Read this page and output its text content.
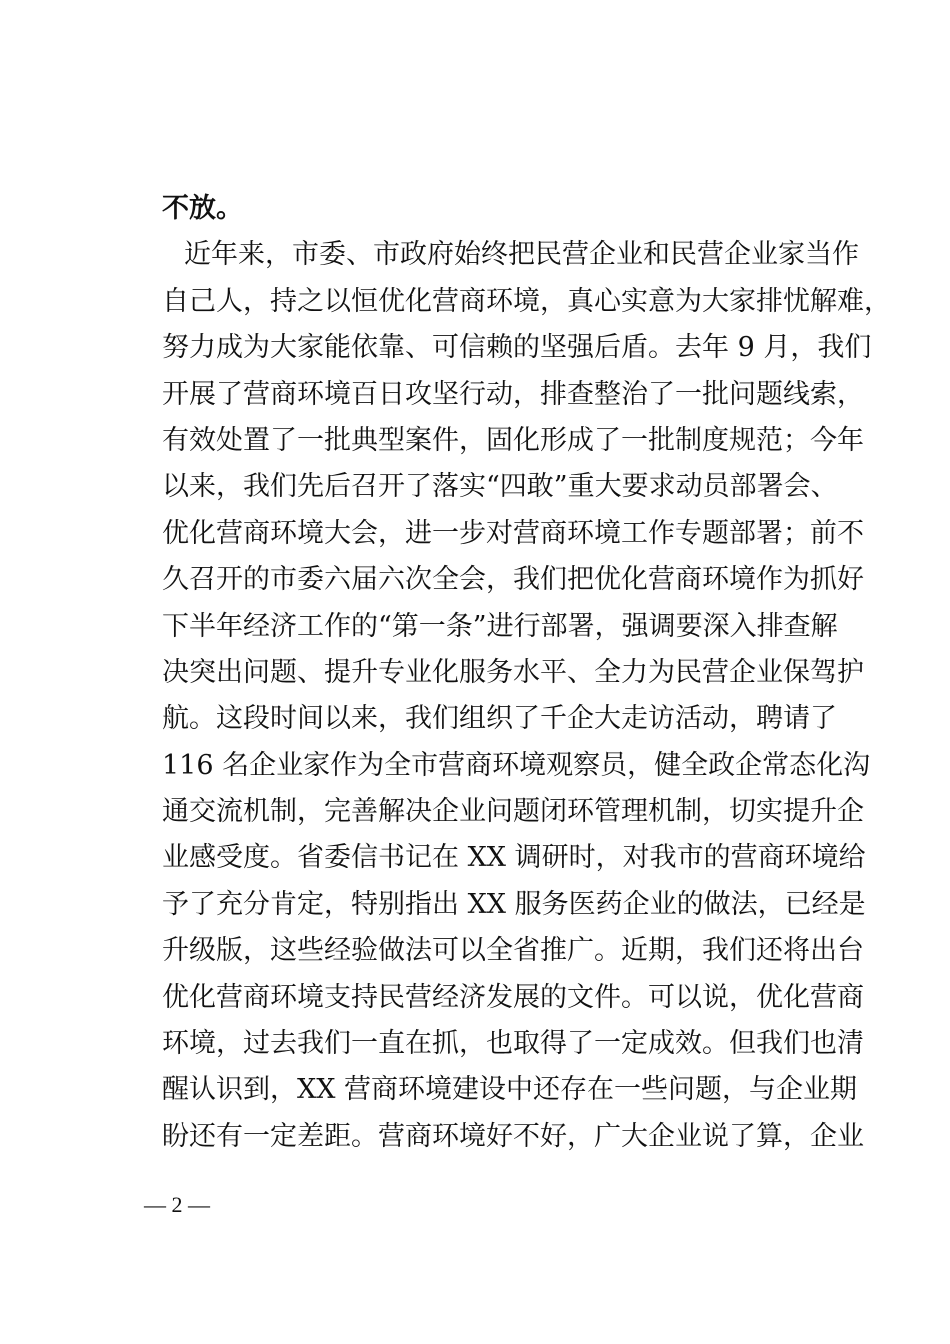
不放。
近年来，市委、市政府始终把民营企业和民营企业家当作
自己人，持之以恒优化营商环境，真心实意为大家排忧解难，
努力成为大家能依靠、可信赖的坚强后盾。去年 9 月，我们
开展了营商环境百日攻坚行动，排查整治了一批问题线索，
有效处置了一批典型案件，固化形成了一批制度规范；今年
以来，我们先后召开了落实“四敢”重大要求动员部署会、
优化营商环境大会，进一步对营商环境工作专题部署；前不
久召开的市委六届六次全会，我们把优化营商环境作为抓好
下半年经济工作的“第一条”进行部署，强调要深入排查解
决突出问题、提升专业化服务水平、全力为民营企业保驾护
航。这段时间以来，我们组织了千企大走访活动，聘请了
116 名企业家作为全市营商环境观察员，健全政企常态化沟
通交流机制，完善解决企业问题闭环管理机制，切实提升企
业感受度。省委信书记在 XX 调研时，对我市的营商环境给
予了充分肯定，特别指出 XX 服务医药企业的做法，已经是
升级版，这些经验做法可以全省推广。近期，我们还将出台
优化营商环境支持民营经济发展的文件。可以说，优化营商
环境，过去我们一直在抓，也取得了一定成效。但我们也清
醒认识到，XX 营商环境建设中还存在一些问题，与企业期
盼还有一定差距。营商环境好不好，广大企业说了算，企业
— 2 —
